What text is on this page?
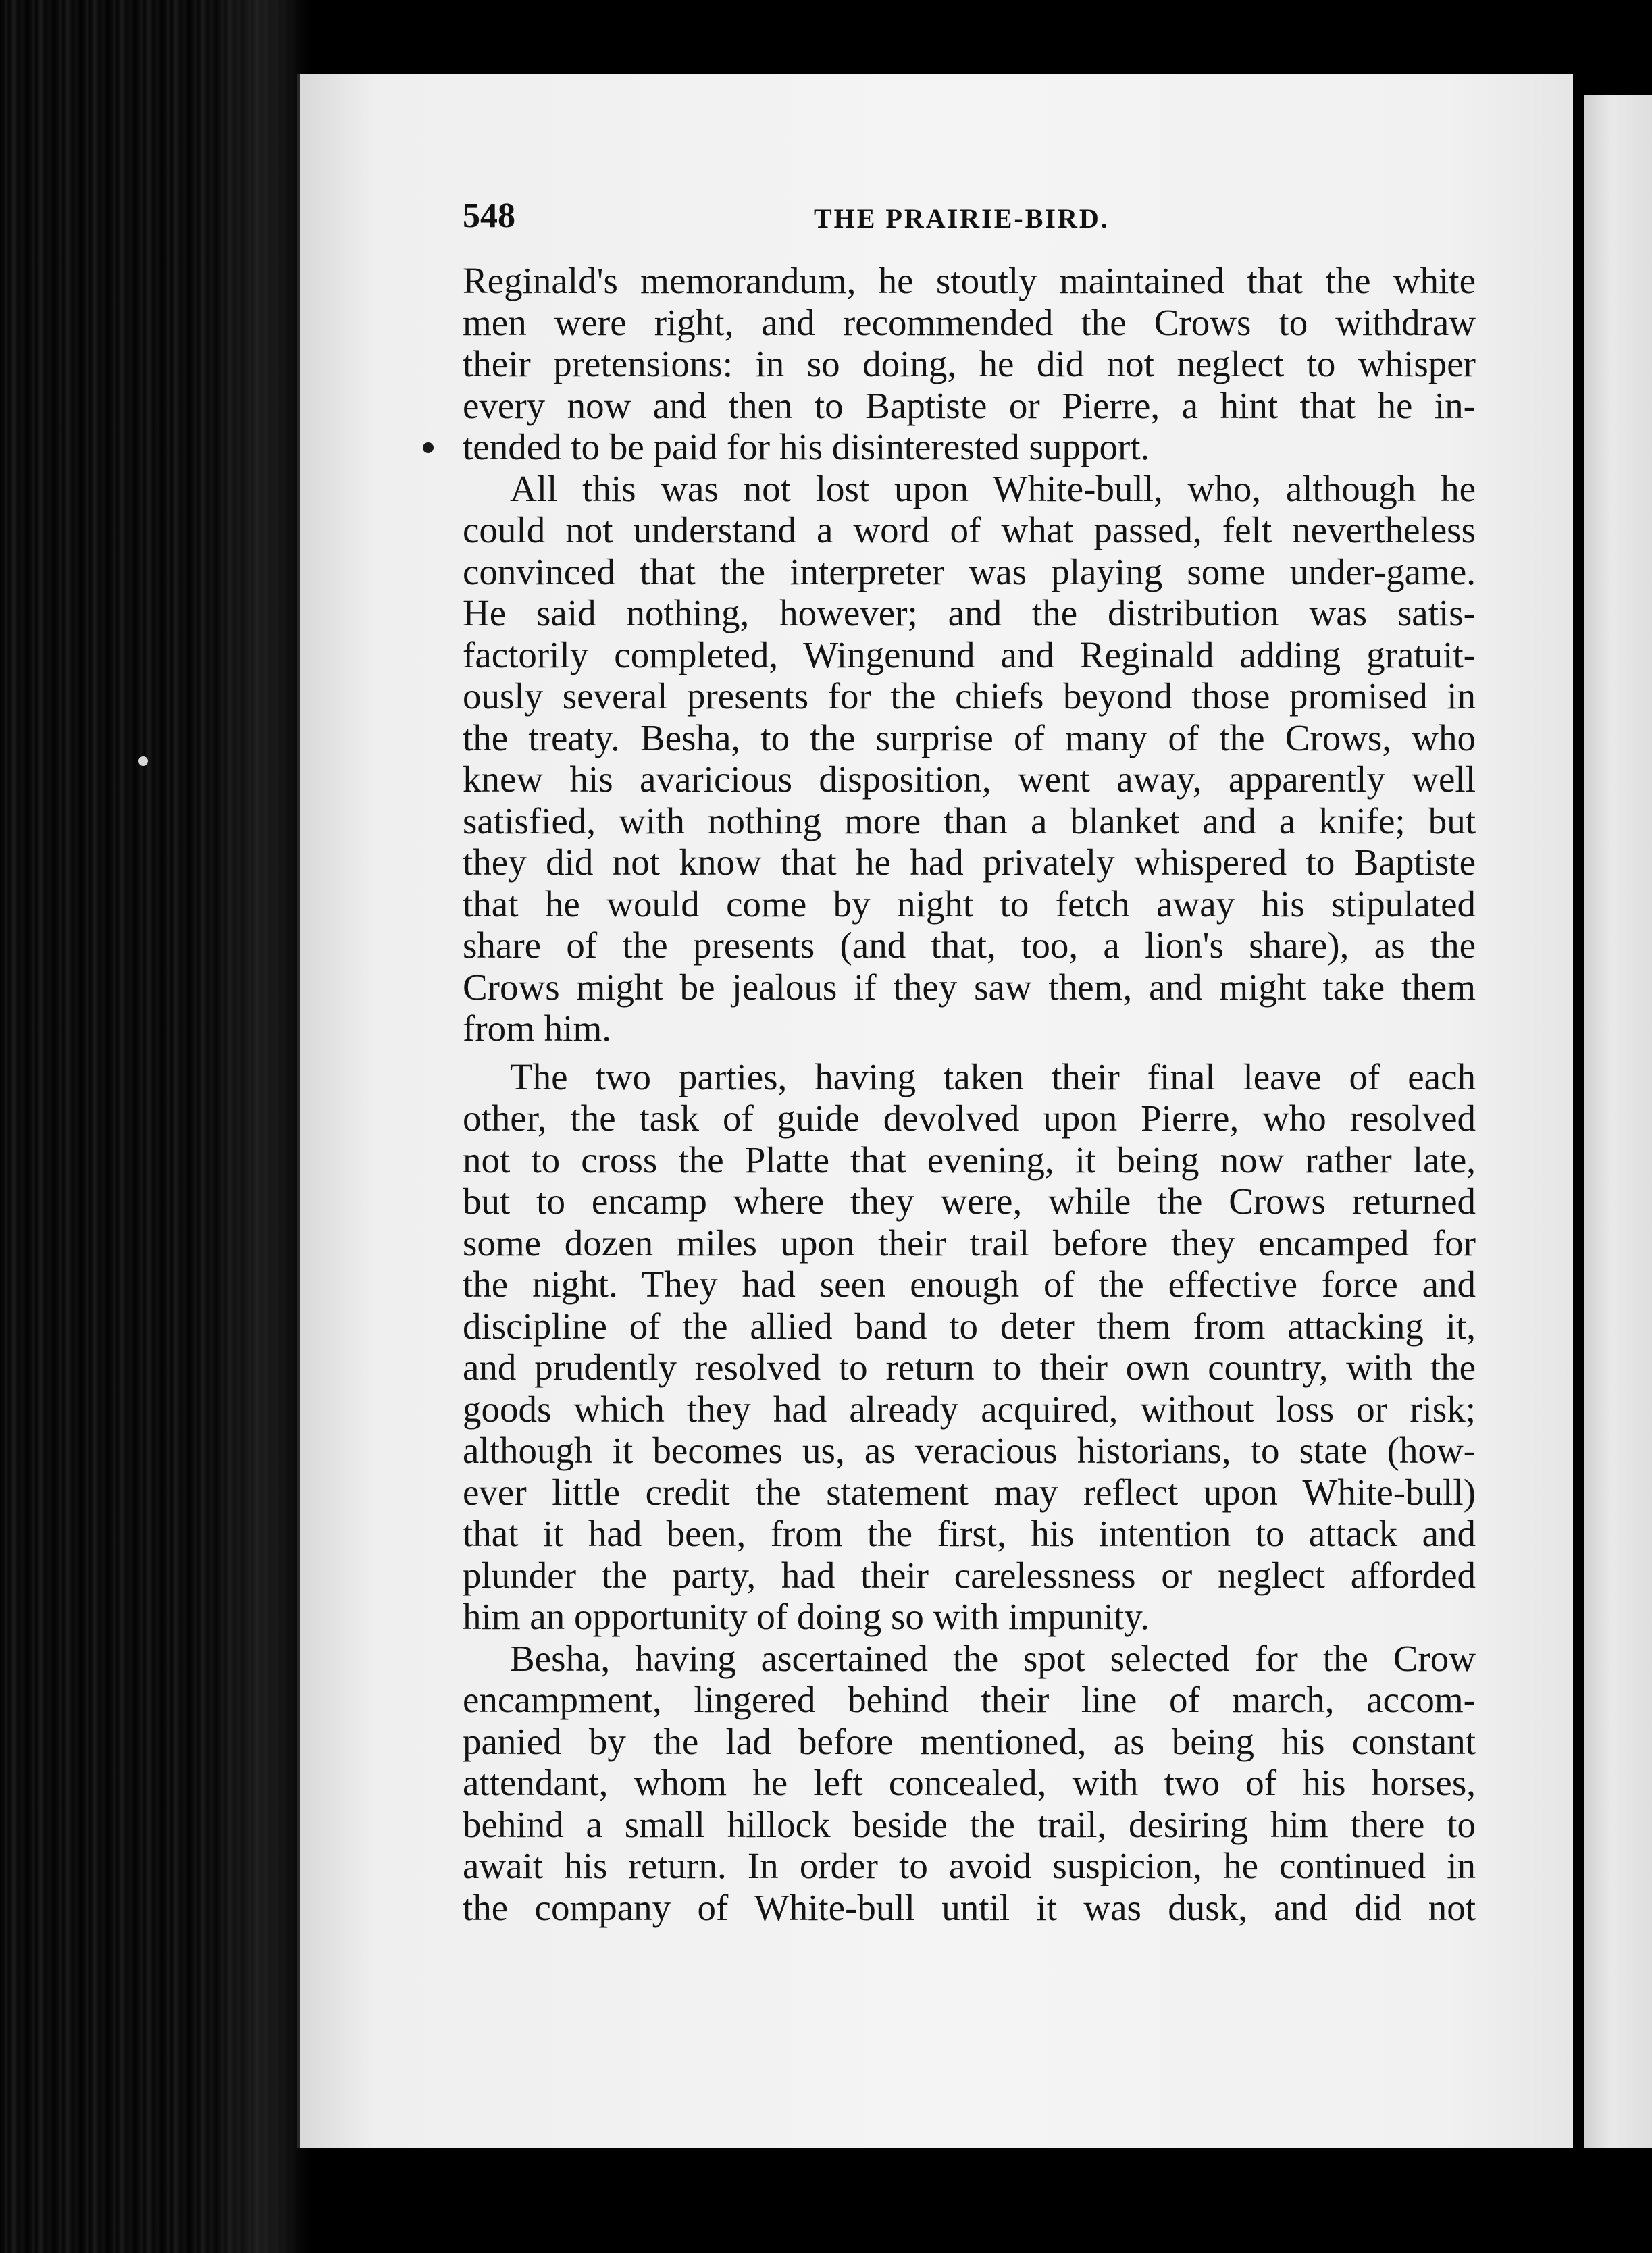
548	THE PRAIRIE-BIRD.
Reginald's memorandum, he stoutly maintained that the white
men were right, and recommended the Crows to withdraw
their pretensions: in so doing, he did not neglect to whisper
every now and then to Baptiste or Pierre, a hint that he in-
tended to be paid for his disinterested support.
All this was not lost upon White-bull, who, although he
could not understand a word of what passed, felt nevertheless
convinced that the interpreter was playing some under-game.
He said nothing, however; and the distribution was satis-
factorily completed, Wingenund and Reginald adding gratuit-
ously several presents for the chiefs beyond those promised in
the treaty. Besha, to the surprise of many of the Crows, who
knew his avaricious disposition, went away, apparently well
satisfied, with nothing more than a blanket and a knife; but
they did not know that he had privately whispered to Baptiste
that he would come by night to fetch away his stipulated
share of the presents (and that, too, a lion's share), as the
Crows might be jealous if they saw them, and might take them
from him.
The two parties, having taken their final leave of each
other, the task of guide devolved upon Pierre, who resolved
not to cross the Platte that evening, it being now rather late,
but to encamp where they were, while the Crows returned
some dozen miles upon their trail before they encamped for
the night. They had seen enough of the effective force and
discipline of the allied band to deter them from attacking it,
and prudently resolved to return to their own country, with the
goods which they had already acquired, without loss or risk;
although it becomes us, as veracious historians, to state (how-
ever little credit the statement may reflect upon White-bull)
that it had been, from the first, his intention to attack and
plunder the party, had their carelessness or neglect afforded
him an opportunity of doing so with impunity.
Besha, having ascertained the spot selected for the Crow
encampment, lingered behind their line of march, accom-
panied by the lad before mentioned, as being his constant
attendant, whom he left concealed, with two of his horses,
behind a small hillock beside the trail, desiring him there to
await his return. In order to avoid suspicion, he continued in
the company of White-bull until it was dusk, and did not
